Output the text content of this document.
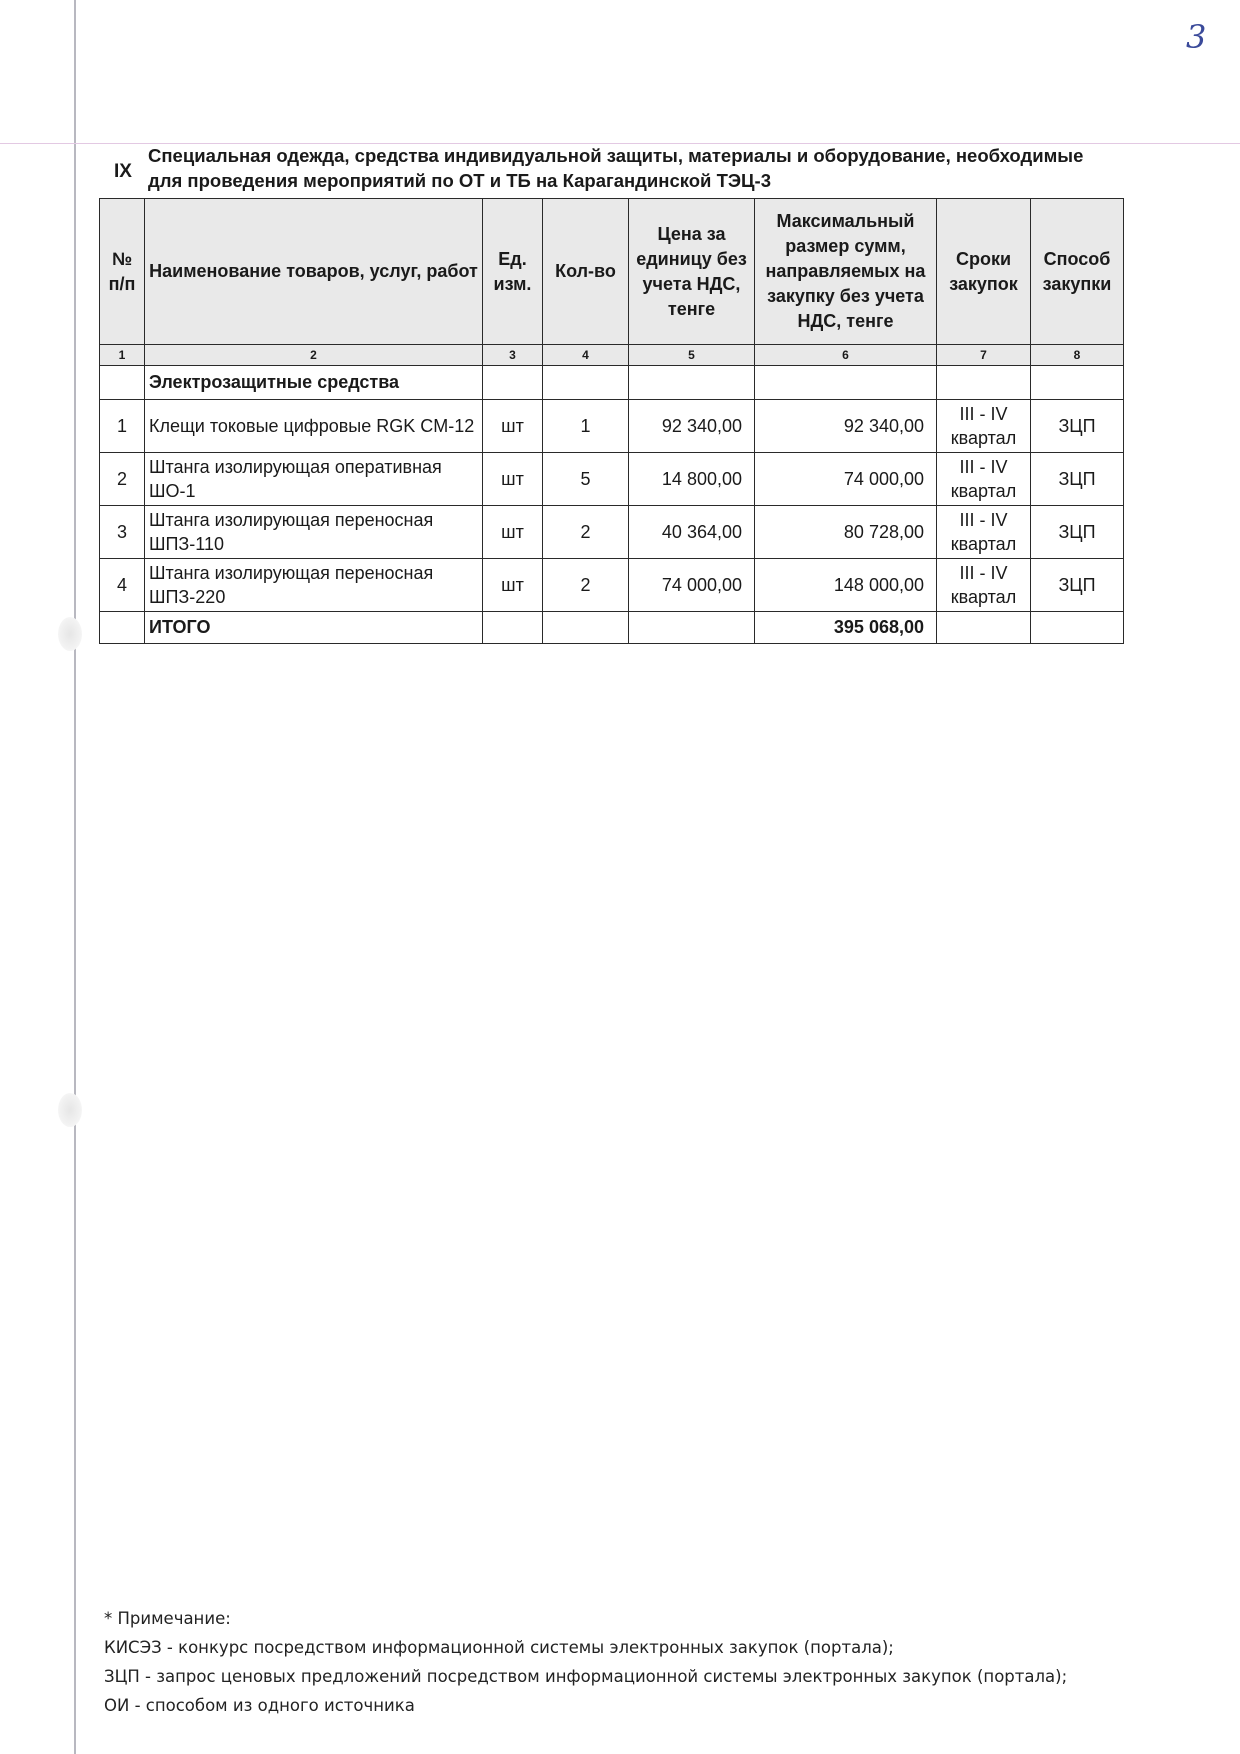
3
IX
Специальная одежда, средства индивидуальной защиты, материалы и оборудование, необходимые для проведения мероприятий по ОТ и ТБ на Карагандинской ТЭЦ-3
№ п/п	Наименование товаров, услуг, работ	Ед. изм.	Кол-во	Цена за единицу без учета НДС, тенге	Максимальный размер сумм, направляемых на закупку без учета НДС, тенге	Сроки закупок	Способ закупки
1	2	3	4	5	6	7	8
	Электрозащитные средства						
1	Клещи токовые цифровые RGK CM-12	шт	1	92 340,00	92 340,00	III - IV квартал	ЗЦП
2	Штанга изолирующая оперативная ШО-1	шт	5	14 800,00	74 000,00	III - IV квартал	ЗЦП
3	Штанга изолирующая переносная ШПЗ-110	шт	2	40 364,00	80 728,00	III - IV квартал	ЗЦП
4	Штанга изолирующая переносная ШПЗ-220	шт	2	74 000,00	148 000,00	III - IV квартал	ЗЦП
	ИТОГО				395 068,00		
* Примечание:
КИСЭЗ - конкурс посредством информационной системы электронных закупок (портала);
ЗЦП - запрос ценовых предложений посредством информационной системы электронных закупок (портала);
ОИ - способом из одного источника
